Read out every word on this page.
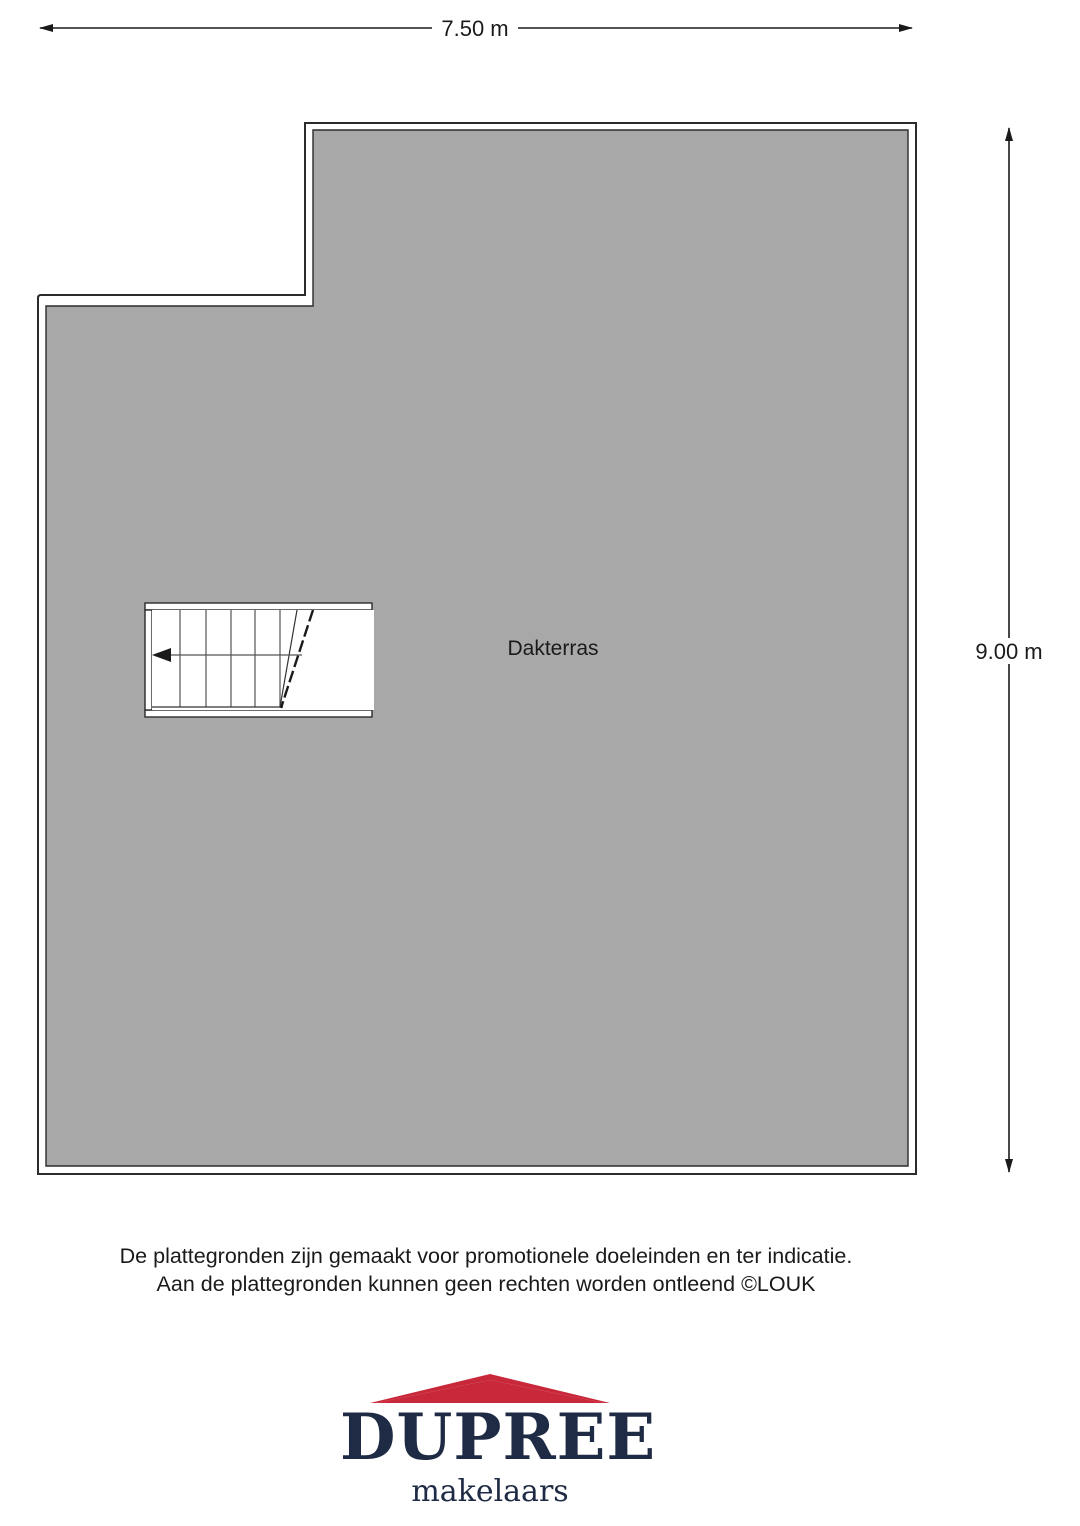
7.50 m
9.00 m
Dakterras
De plattegronden zijn gemaakt voor promotionele doeleinden en ter indicatie.
Aan de plattegronden kunnen geen rechten worden ontleend ©LOUK
DUPREE
makelaars
